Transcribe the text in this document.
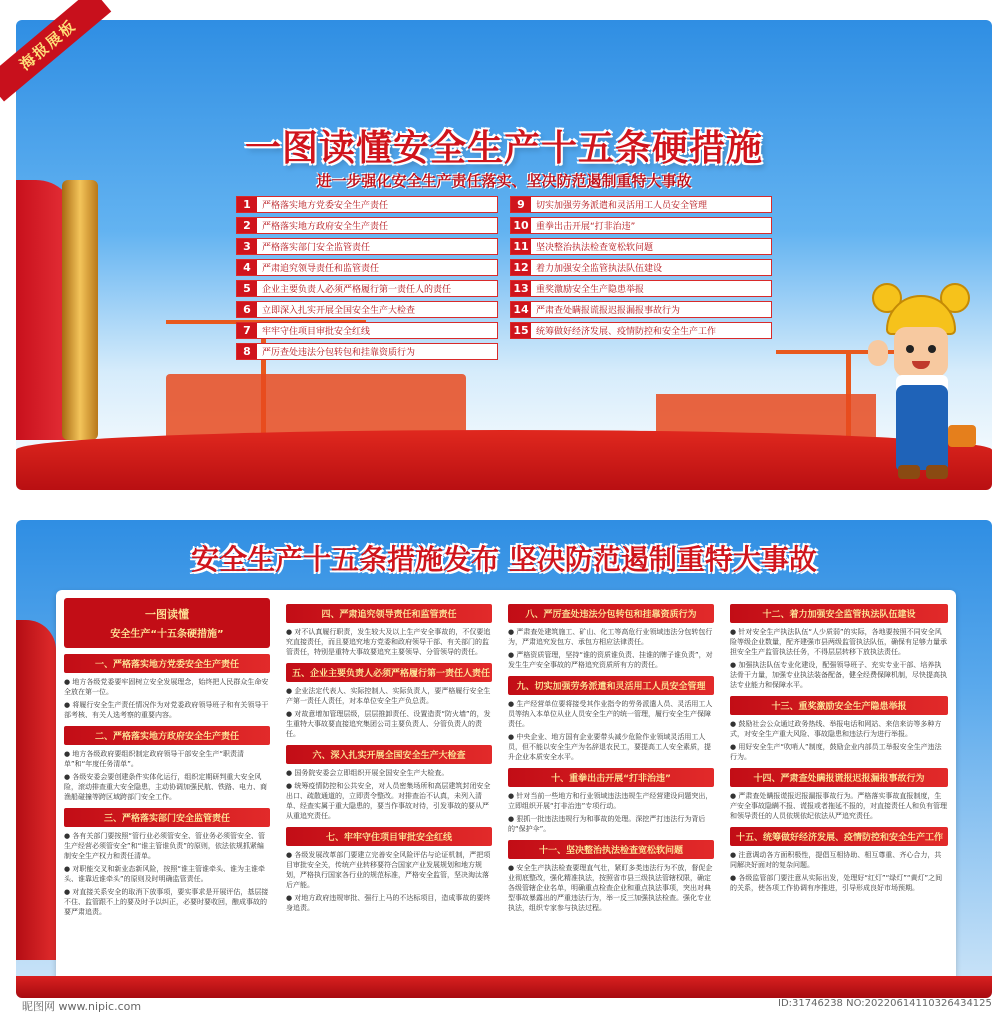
一图读懂安全生产十五条硬措施
进一步强化安全生产责任落实、坚决防范遏制重特大事故
1	严格落实地方党委安全生产责任
2	严格落实地方政府安全生产责任
3	严格落实部门安全监管责任
4	严肃追究领导责任和监管责任
5	企业主要负责人必须严格履行第一责任人的责任
6	立即深入扎实开展全国安全生产大检查
7	牢牢守住项目审批安全红线
8	严厉查处违法分包转包和挂靠资质行为
9	切实加强劳务派遣和灵活用工人员安全管理
10 重拳出击开展“打非治违”
11 坚决整治执法检查宽松软问题
12 着力加强安全监管执法队伍建设
13 重奖激励安全生产隐患举报
14 严肃查处瞒报谎报迟报漏报事故行为
15 统筹做好经济发展、疫情防控和安全生产工作
海报展板
安全生产十五条措施发布 坚决防范遏制重特大事故
一图读懂
安全生产“十五条硬措施”
一、严格落实地方党委安全生产责任
● 地方各级党委要牢固树立安全发展理念，始终把人民群众生命安全放在第一位。
● 将履行安全生产责任情况作为对党委政府领导班子和有关领导干部考核、有关人选考察的重要内容。
二、严格落实地方政府安全生产责任
● 地方各级政府要组织制定政府领导干部安全生产“职责清单”和“年度任务清单”。
● 各级安委会要创建条件实体化运行，组织定期研判重大安全风险，滚动排查重大安全隐患，主动协调加强民航、铁路、电力、商渔船碰撞等跨区域跨部门安全工作。
三、严格落实部门安全监管责任
● 各有关部门要按照“管行业必须管安全、管业务必须管安全、管生产经营必须管安全”和“谁主管谁负责”的原则，依法依规抓紧编制安全生产权力和责任清单。
● 对职能交叉和新业态新风险，按照“谁主管谁牵头、谁为主谁牵头、谁靠近谁牵头”的原则及时明确监管责任。
● 对直接关系安全的取消下放事项，要实事求是开展评估，基层接不住、监管跟不上的要及时予以纠正，必要时要收回，酿成事故的要严肃追责。
四、严肃追究领导责任和监管责任
● 对不认真履行职责，发生较大及以上生产安全事故的，不仅要追究直接责任，而且要追究地方党委和政府领导干部、有关部门的监管责任，特别是重特大事故要追究主要领导、分管领导的责任。
五、企业主要负责人必须严格履行第一责任人责任
● 企业法定代表人、实际控制人、实际负责人，要严格履行安全生产第一责任人责任，对本单位安全生产负总责。
● 对故意增加管理层级，层层推卸责任、设置造责“防火墙”的，发生重特大事故要直接追究集团公司主要负责人、分管负责人的责任。
六、深入扎实开展全国安全生产大检查
● 国务院安委会立即组织开展全国安全生产大检查。
● 统筹疫情防控和公共安全，对人员密集场所和高层建筑封闭安全出口、疏散通道的，立即责令整改。对排查治不认真，未列入清单、经查实属于重大隐患的，要当作事故对待，引发事故的要从严从重追究责任。
七、牢牢守住项目审批安全红线
● 各级发展改革部门要建立完善安全风险评估与论证机制，严把项目审批安全关，传统产业转移要符合国家产业发展规划和地方规划，严格执行国家各行业的规范标准，严格安全监管，坚决淘汰落后产能。
● 对地方政府违规审批、强行上马的不达标项目，造成事故的要终身追责。
八、严厉查处违法分包转包和挂靠资质行为
● 严肃查处建筑施工、矿山、化工等高危行业领域违法分包转包行为，严肃追究发包方、承包方相应法律责任。
● 严格资质管理，坚持“谁的资质谁负责、挂谁的牌子谁负责”，对发生生产安全事故的严格追究资质所有方的责任。
九、切实加强劳务派遣和灵活用工人员安全管理
● 生产经营单位要将接受其作业指令的劳务派遣人员、灵活用工人员等纳入本单位从业人员安全生产的统一管理，履行安全生产保障责任。
● 中央企业、地方国有企业要带头减少危险作业领域灵活用工人员，但不能以安全生产为名辞退农民工，要提高工人安全素质，提升企业本质安全水平。
十、重拳出击开展“打非治违”
● 针对当前一些地方和行业领域违法违规生产经营建设问题突出，立即组织开展“打非治违”专项行动。
● 狠抓一批违法违规行为和事故的处理。深挖严打违法行为背后的“保护伞”。
十一、坚决整治执法检查宽松软问题
● 安全生产执法检查要理直气壮，紧盯多类违法行为不放，督促企业彻底整改，强化精准执法，按照省市县三级执法管辖权限，确定各级管辖企业名单，明确重点检查企业和重点执法事项，突出对典型事故暴露出的严重违法行为，举一反三加强执法检查。强化专业执法，组织专家参与执法过程。
十二、着力加强安全监管执法队伍建设
● 针对安全生产执法队伍“人少质弱”的实际，各地要按照不同安全风险等级企业数量，配齐建强市县两级监管执法队伍，确保有足够力量承担安全生产监管执法任务，不得层层转移下放执法责任。
● 加强执法队伍专业化建设，配强领导班子、充实专业干部、培养执法骨干力量，加强专业执法装备配备，健全经费保障机制，尽快提高执法专业能力和保障水平。
十三、重奖激励安全生产隐患举报
● 鼓励社会公众通过政务热线、举报电话和网站、来信来访等多种方式，对安全生产重大风险、事故隐患和违法行为进行举报。
● 用好安全生产“吹哨人”制度，鼓励企业内部员工举报安全生产违法行为。
十四、严肃查处瞒报谎报迟报漏报事故行为
● 严肃查处瞒报谎报迟报漏报事故行为。严格落实事故直报制度，生产安全事故隐瞒不报、谎报或者拖延不报的，对直接责任人和负有管理和领导责任的人员依规依纪依法从严追究责任。
十五、统筹做好经济发展、疫情防控和安全生产工作
● 注意调动各方面积极性，提倡互相协助、相互尊重、齐心合力，共同解决好面对的复杂问题。
● 各级监管部门要注意从实际出发，处理好“红灯”“绿灯”“黄灯”之间的关系，使各项工作协调有序推进，引导形成良好市场预期。
昵图网 www.nipic.com	ID:31746238 NO:20220614110326434125
